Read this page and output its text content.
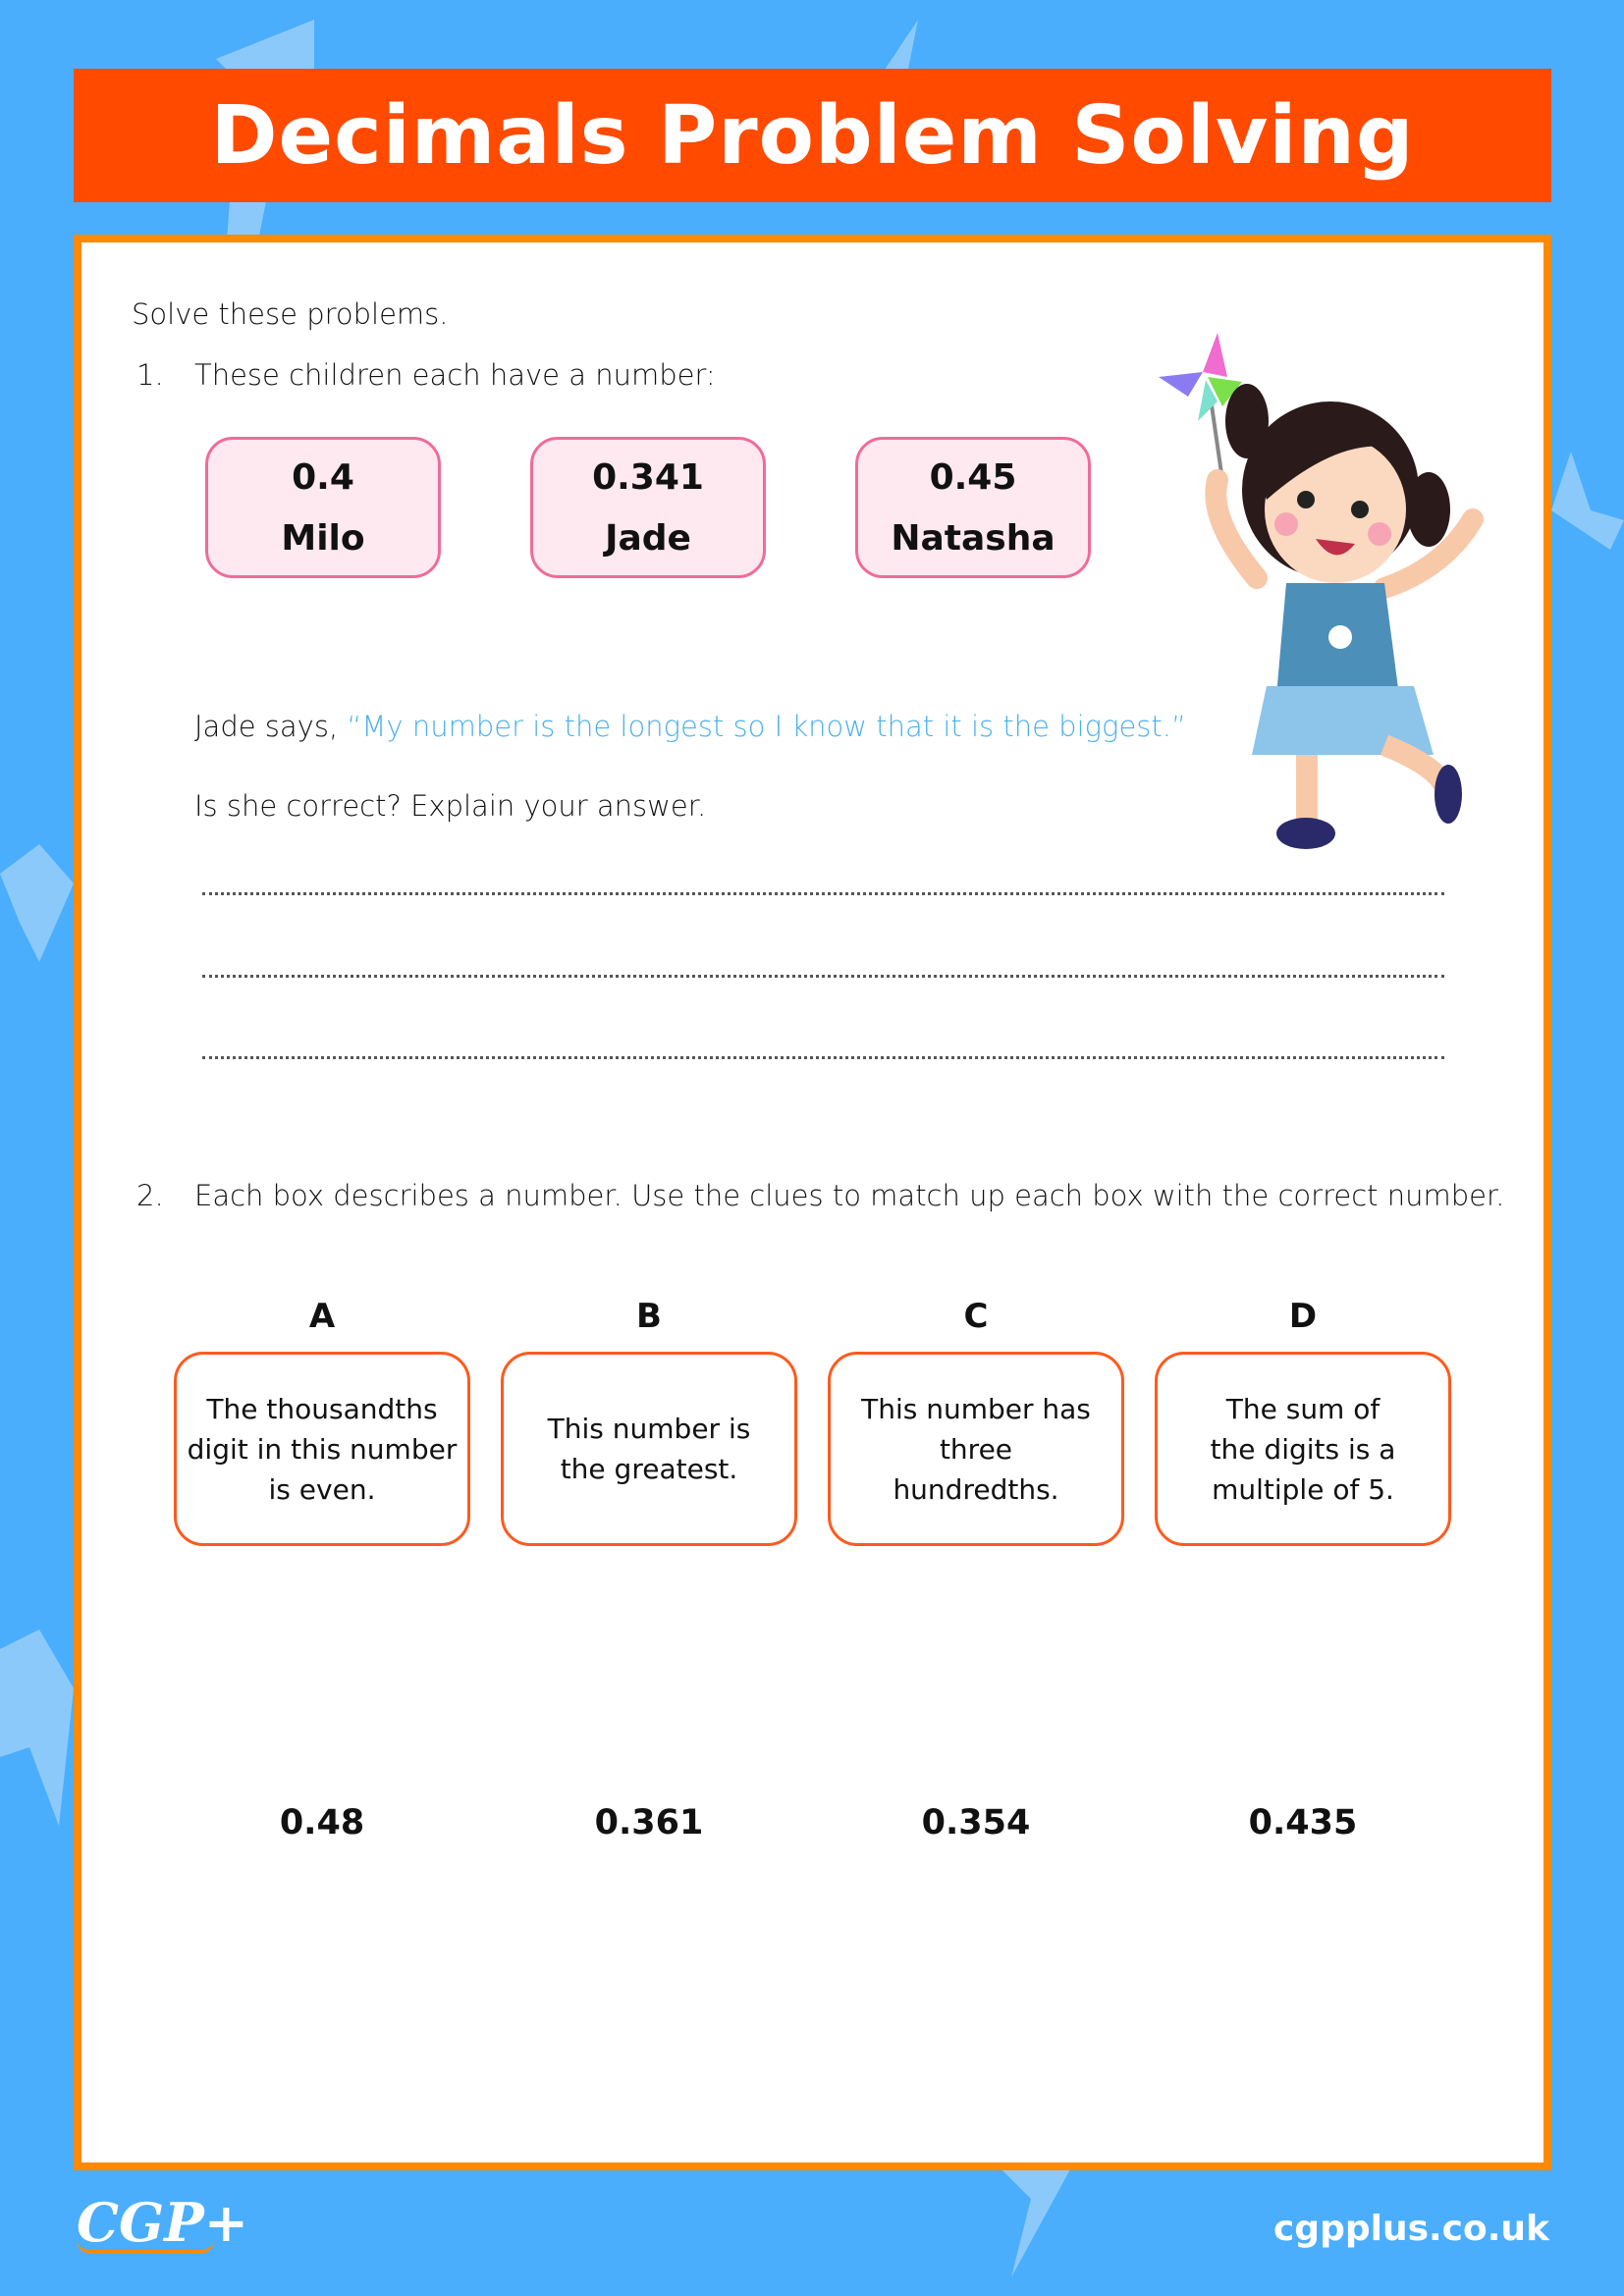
Decimals Problem Solving
Solve these problems.
1. These children each have a number:
0.4
Milo
0.341
Jade
0.45
Natasha
Jade says, “My number is the longest so I know that it is the biggest.”
Is she correct? Explain your answer.
2. Each box describes a number. Use the clues to match up each box with the correct number.
A	B	C	D
The thousandths digit in this number is even.
This number is the greatest.
This number has three hundredths.
The sum of the digits is a multiple of 5.
0.48	0.361	0.354	0.435
CGP+	cgpplus.co.uk
